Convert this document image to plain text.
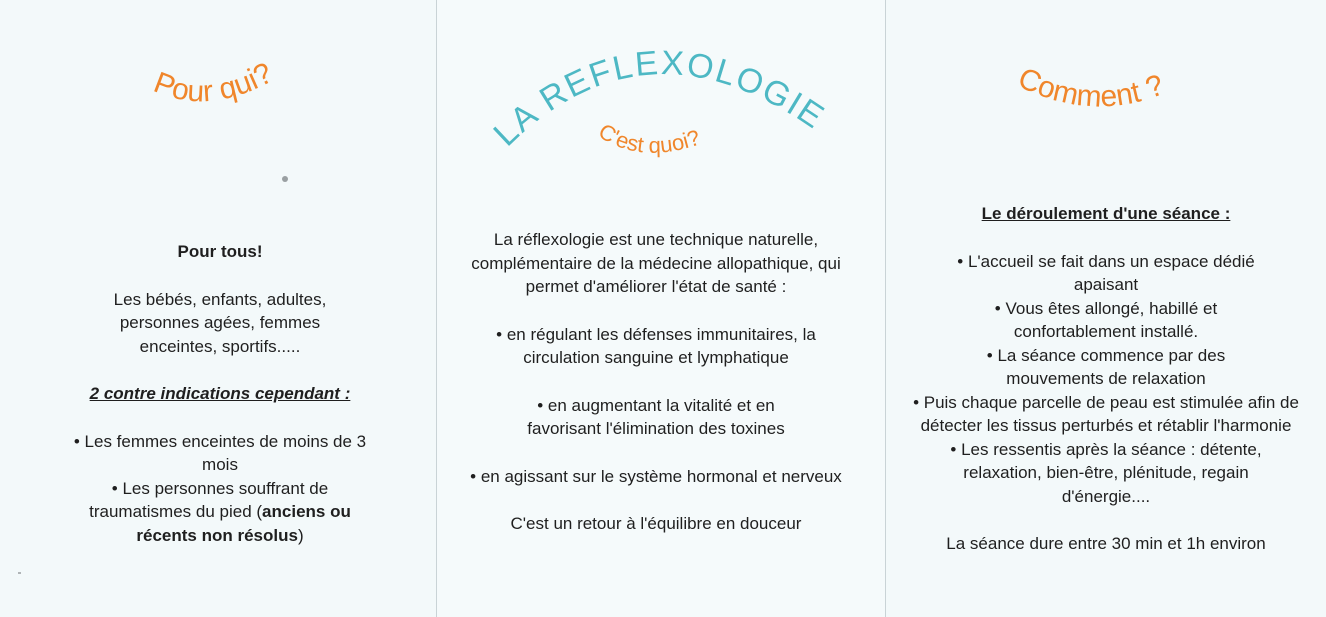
Pour qui?

Pour tous!

Les bébés, enfants, adultes, personnes agées, femmes enceintes, sportifs.....

2 contre indications cependant :

• Les femmes enceintes de moins de 3 mois

• Les personnes souffrant de traumatismes du pied (anciens ou récents non résolus)

LA REFLEXOLOGIE
C'est quoi?

La réflexologie est une technique naturelle, complémentaire de la médecine allopathique, qui permet d'améliorer l'état de santé :

• en régulant les défenses immunitaires, la circulation sanguine et lymphatique

• en augmentant la vitalité et en favorisant l'élimination des toxines

• en agissant sur le système hormonal et nerveux

C'est un retour à l'équilibre en douceur

Comment ?

Le déroulement d'une séance :

• L'accueil se fait dans un espace dédié apaisant

• Vous êtes allongé, habillé et confortablement installé.

• La séance commence par des mouvements de relaxation

• Puis chaque parcelle de peau est stimulée afin de détecter les tissus perturbés et rétablir l'harmonie

• Les ressentis après la séance : détente, relaxation, bien-être, plénitude, regain d'énergie....

La séance dure entre 30 min et 1h environ
